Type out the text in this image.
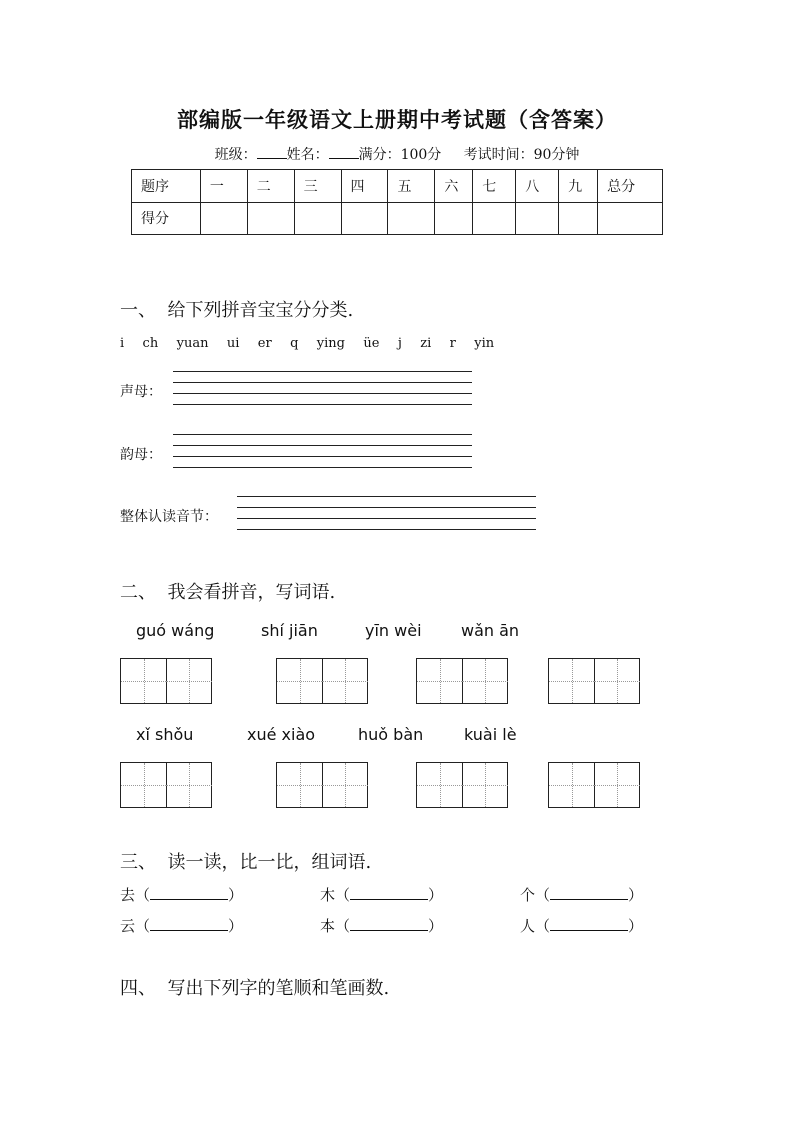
部编版一年级语文上册期中考试题（含答案）
班级： 姓名： 满分：100分 考试时间：90分钟
题序	一	二	三	四	五	六	七	八	九	总分
得分										
一、  给下列拼音宝宝分分类.
i   ch   yuan   ui   er   q   ying   üe   j   zi   r   yin
声母：
韵母：
整体认读音节：
二、  我会看拼音，写词语.
guó wáng	shí jiān	yīn wèi wǎn ān
xǐ shǒu	xué xiào	huǒ bàn	kuài lè
三、  读一读，比一比，组词语.
去（	）	木（	）	个（	）
云（	）	本（	）	人（	）
四、  写出下列字的笔顺和笔画数.
